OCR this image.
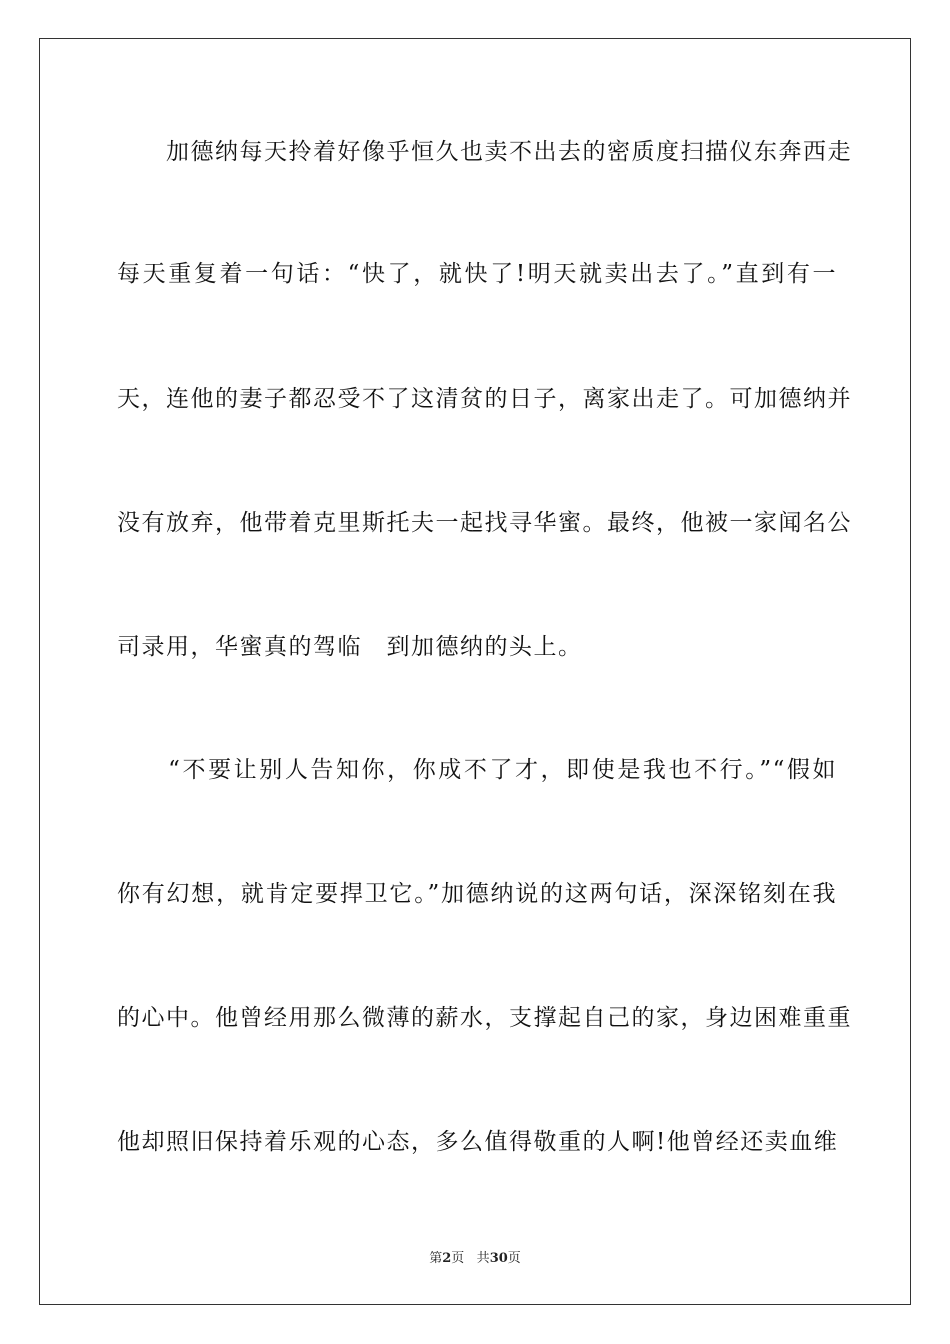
　　加德纳每天拎着好像乎恒久也卖不出去的密质度扫描仪东奔西走

每天重复着一句话：“快了，就快了!明天就卖出去了。”直到有一

天，连他的妻子都忍受不了这清贫的日子，离家出走了。可加德纳并

没有放弃，他带着克里斯托夫一起找寻华蜜。最终，他被一家闻名公

司录用，华蜜真的驾临　到加德纳的头上。

　　“不要让别人告知你，你成不了才，即使是我也不行。”“假如

你有幻想，就肯定要捍卫它。”加德纳说的这两句话，深深铭刻在我

的心中。他曾经用那么微薄的薪水，支撑起自己的家，身边困难重重

他却照旧保持着乐观的心态，多么值得敬重的人啊!他曾经还卖血维

第2页 共30页
